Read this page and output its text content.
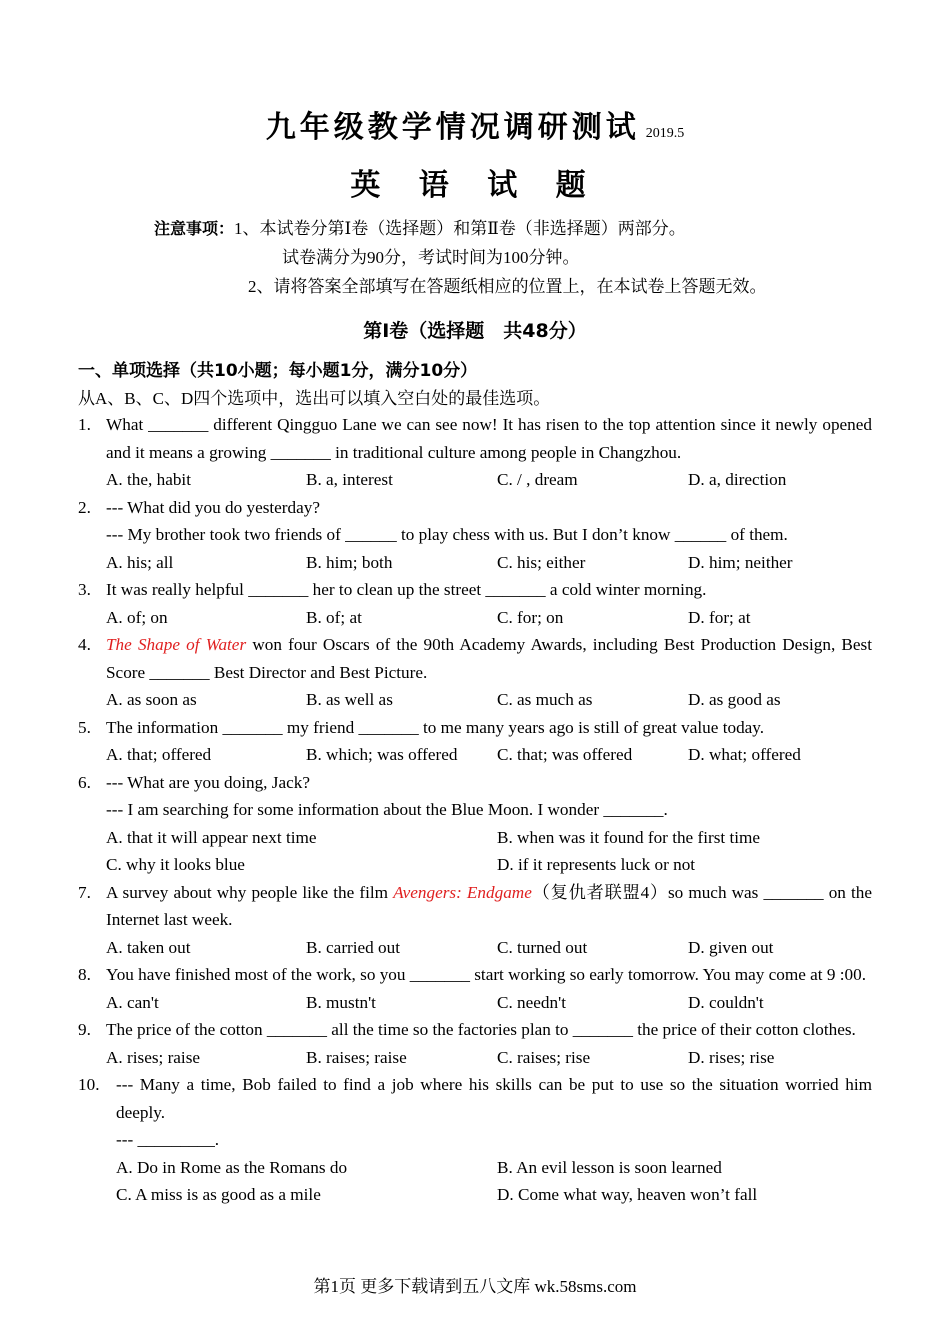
九年级教学情况调研测试 2019.5
英 语 试 题
注意事项：1、本试卷分第Ⅰ卷（选择题）和第Ⅱ卷（非选择题）两部分。
试卷满分为90分，考试时间为100分钟。
2、请将答案全部填写在答题纸相应的位置上，在本试卷上答题无效。
第Ⅰ卷（选择题　共48分）
一、单项选择（共10小题；每小题1分，满分10分）
从A、B、C、D四个选项中，选出可以填入空白处的最佳选项。
1. What _______ different Qingguo Lane we can see now! It has risen to the top attention since it newly opened and it means a growing _______ in traditional culture among people in Changzhou.
A. the, habit	B. a, interest	C. / , dream	D. a, direction
2. --- What did you do yesterday?
--- My brother took two friends of ______ to play chess with us. But I don’t know ______ of them.
A. his; all	B. him; both	C. his; either	D. him; neither
3. It was really helpful _______ her to clean up the street _______ a cold winter morning.
A. of; on	B. of; at	C. for; on	D. for; at
4. The Shape of Water won four Oscars of the 90th Academy Awards, including Best Production Design, Best Score _______ Best Director and Best Picture.
A. as soon as	B. as well as	C. as much as	D. as good as
5. The information _______ my friend _______ to me many years ago is still of great value today.
A. that; offered	B. which; was offered	C. that; was offered	D. what; offered
6. --- What are you doing, Jack?
--- I am searching for some information about the Blue Moon. I wonder _______.
A. that it will appear next time	B. when was it found for the first time
C. why it looks blue	D. if it represents luck or not
7. A survey about why people like the film Avengers: Endgame（复仇者联盟4）so much was _______ on the Internet last week.
A. taken out	B. carried out	C. turned out	D. given out
8. You have finished most of the work, so you _______ start working so early tomorrow. You may come at 9 :00.
A. can't	B. mustn't	C. needn't	D. couldn't
9. The price of the cotton _______ all the time so the factories plan to _______ the price of their cotton clothes.
A. rises; raise	B. raises; raise	C. raises; rise	D. rises; rise
10. --- Many a time, Bob failed to find a job where his skills can be put to use so the situation worried him deeply.
--- _________.
A. Do in Rome as the Romans do	B. An evil lesson is soon learned
C. A miss is as good as a mile	D. Come what way, heaven won’t fall
第1页 更多下载请到五八文库 wk.58sms.com
